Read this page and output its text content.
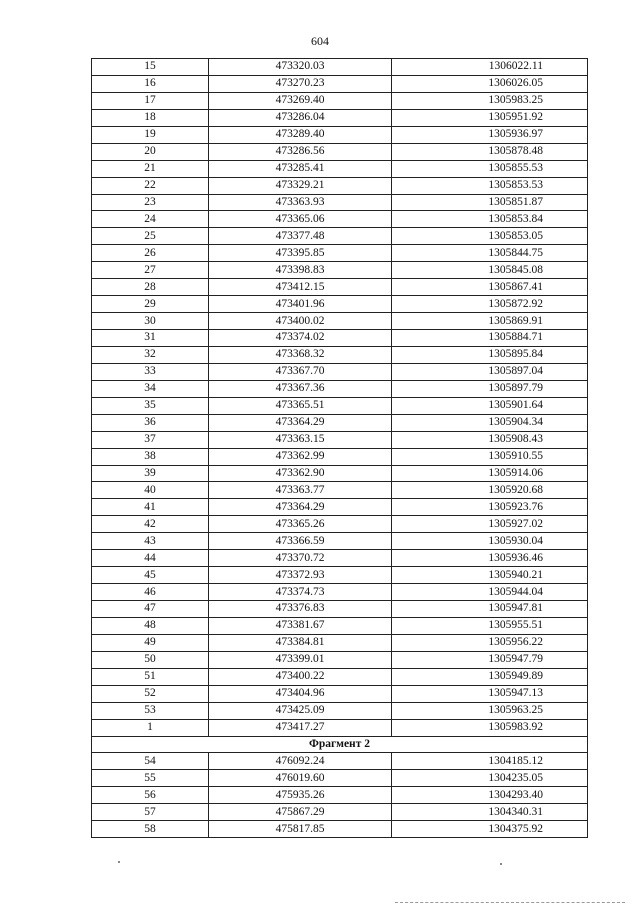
604
15	473320.03	1306022.11
16	473270.23	1306026.05
17	473269.40	1305983.25
18	473286.04	1305951.92
19	473289.40	1305936.97
20	473286.56	1305878.48
21	473285.41	1305855.53
22	473329.21	1305853.53
23	473363.93	1305851.87
24	473365.06	1305853.84
25	473377.48	1305853.05
26	473395.85	1305844.75
27	473398.83	1305845.08
28	473412.15	1305867.41
29	473401.96	1305872.92
30	473400.02	1305869.91
31	473374.02	1305884.71
32	473368.32	1305895.84
33	473367.70	1305897.04
34	473367.36	1305897.79
35	473365.51	1305901.64
36	473364.29	1305904.34
37	473363.15	1305908.43
38	473362.99	1305910.55
39	473362.90	1305914.06
40	473363.77	1305920.68
41	473364.29	1305923.76
42	473365.26	1305927.02
43	473366.59	1305930.04
44	473370.72	1305936.46
45	473372.93	1305940.21
46	473374.73	1305944.04
47	473376.83	1305947.81
48	473381.67	1305955.51
49	473384.81	1305956.22
50	473399.01	1305947.79
51	473400.22	1305949.89
52	473404.96	1305947.13
53	473425.09	1305963.25
1	473417.27	1305983.92
Фрагмент 2		
54	476092.24	1304185.12
55	476019.60	1304235.05
56	475935.26	1304293.40
57	475867.29	1304340.31
58	475817.85	1304375.92
